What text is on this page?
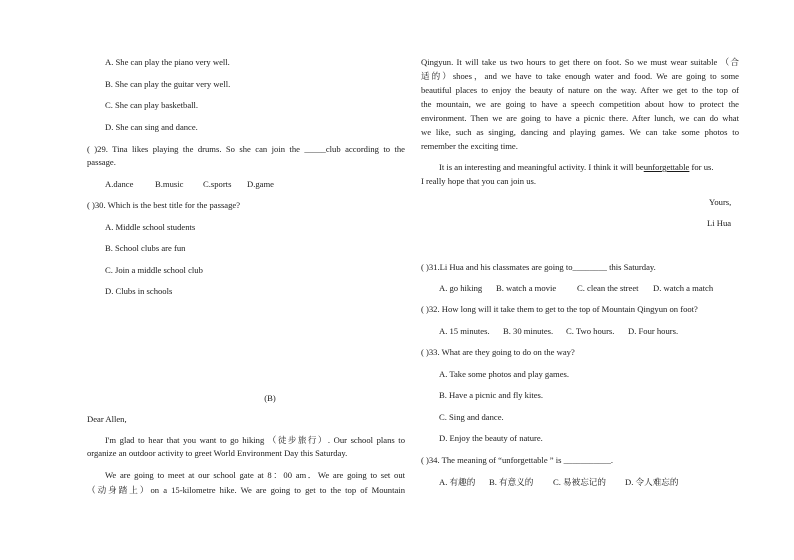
A. She can play the piano very well.
B. She can play the guitar very well.
C. She can play basketball.
D. She can sing and dance.
( )29. Tina likes playing the drums. So she can join the _____club according to the
passage.
A.dance	B.music C.sports D.game
( )30. Which is the best title for the passage?
A. Middle school students
B. School clubs are fun
C. Join a middle school club
D. Clubs in schools
(B)
Dear Allen,
I'm glad to hear that you want to go hiking （徒步旅行）. Our school plans to
organize an outdoor activity to greet World Environment Day this Saturday.
We are going to meet at our school gate at 8：00 am．We are going to set out
（动身踏上）on a 15-kilometre hike. We are going to get to the top of Mountain
Qingyun. It will take us two hours to get there on foot. So we must wear suitable （合
适的）shoes，and we have to take enough water and food. We are going to some
beautiful places to enjoy the beauty of nature on the way. After we get to the top of
the mountain, we are going to have a speech competition about how to protect the
environment. Then we are going to have a picnic there. After lunch, we can do what
we like, such as singing, dancing and playing games. We can take some photos to
remember the exciting time.
It is an interesting and meaningful activity. I think it will beunforgettable for us.
I really hope that you can join us.
Yours,
Li Hua
( )31.Li Hua and his classmates are going to________ this Saturday.
A. go hiking B. watch a movie C. clean the street D. watch a match
( )32. How long will it take them to get to the top of Mountain Qingyun on foot?
A. 15 minutes. B. 30 minutes. C. Two hours. D. Four hours.
( )33. What are they going to do on the way?
A. Take some photos and play games.
B. Have a picnic and fly kites.
C. Sing and dance.
D. Enjoy the beauty of nature.
( )34. The meaning of “unforgettable ” is ___________.
A. 有趣的 B. 有意义的 C. 易被忘记的 D. 令人难忘的
